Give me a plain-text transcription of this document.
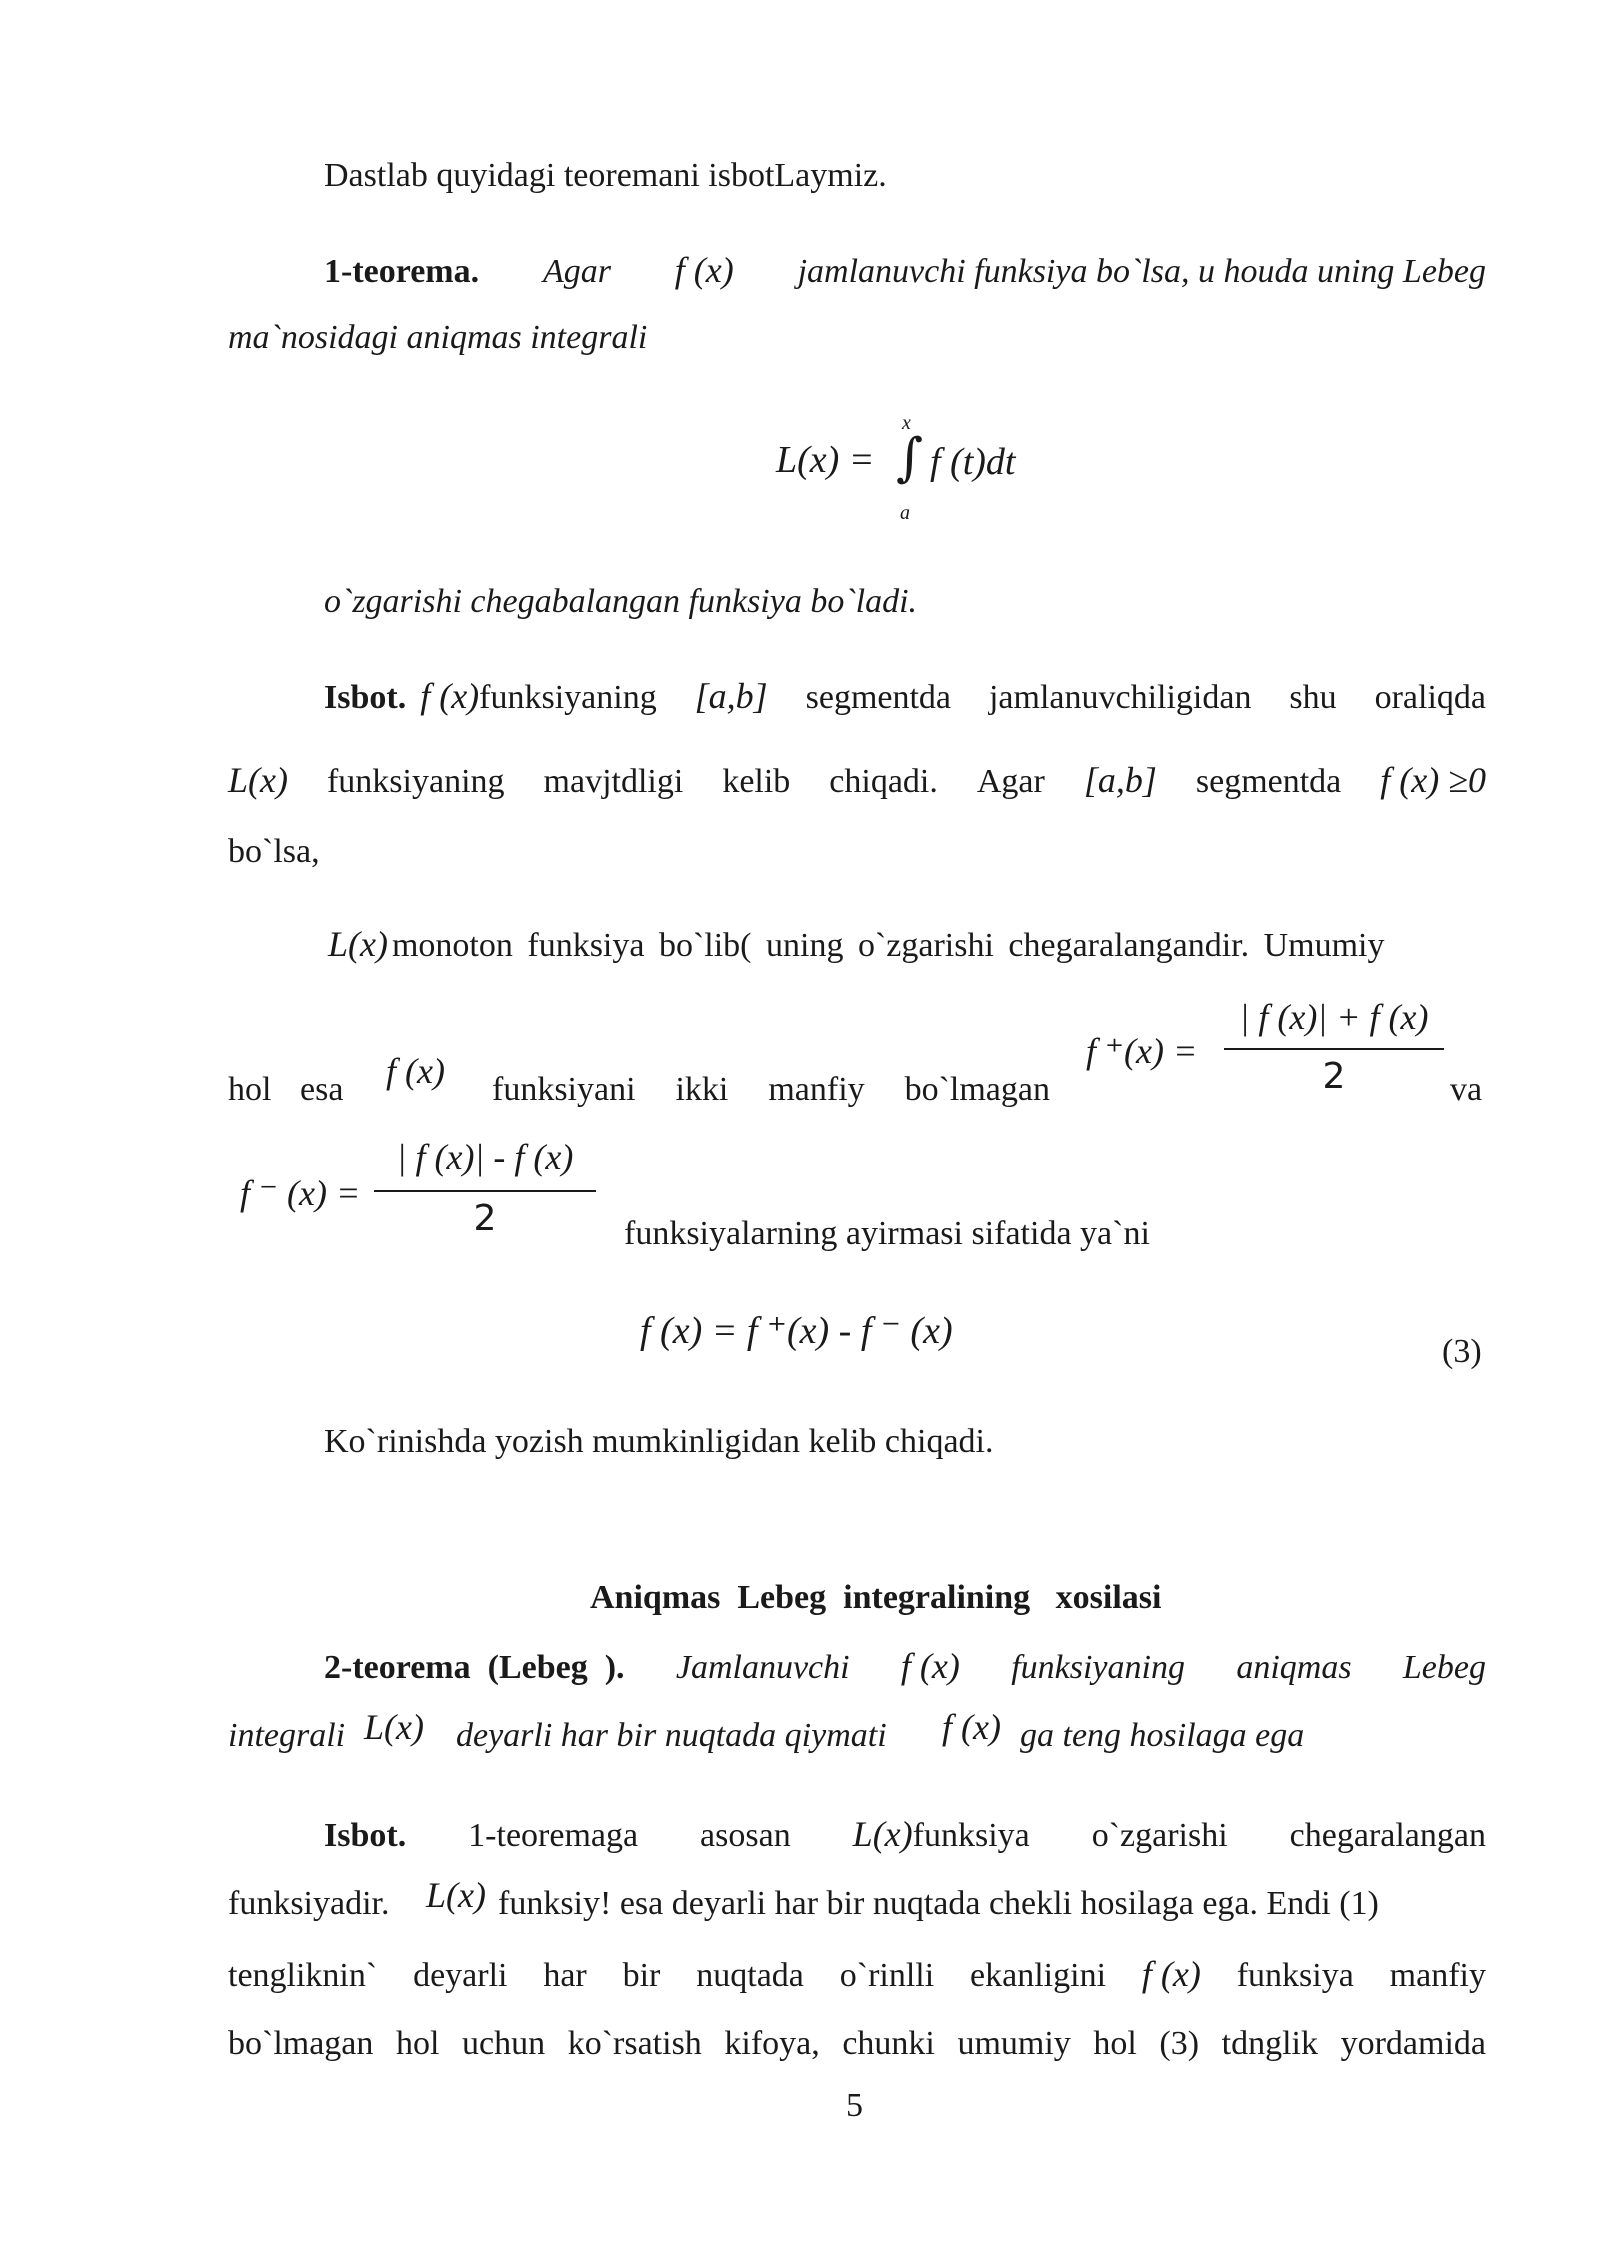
Dastlab quyidagi teoremani isbotLaymiz.
1-teorema. Agar f (x) jamlanuvchi funksiya bo`lsa, u houda uning Lebeg
ma`nosidagi aniqmas integrali
L(x) = ∫
x
a
f (t)dt
o`zgarishi chegabalangan funksiya bo`ladi.
Isbot. f (x)funksiyaning [a,b] segmentda jamlanuvchiligidan shu oraliqda
L(x) funksiyaning mavjtdligi kelib chiqadi. Agar [a,b] segmentda f (x) ≥0
bo`lsa,
L(x) monoton funksiya bo`lib( uning o`zgarishi chegaralangandir. Umumiy
f ⁺(x) =
| f (x)| + f (x)
2
hol esa f (x) funksiyani ikki manfiy bo`lmagan	va
f ⁻ (x) =
| f (x)| - f (x)
2	funksiyalarning ayirmasi sifatida ya`ni
f (x) = f ⁺(x) - f ⁻ (x)	(3)
Ko`rinishda yozish mumkinligidan kelib chiqadi.
Aniqmas  Lebeg  integralining   xosilasi
2-teorema  (Lebeg  ). Jamlanuvchi f (x) funksiyaning aniqmas Lebeg
integrali L(x) deyarli har bir nuqtada qiymati f (x) ga teng hosilaga ega
Isbot. 1-teoremaga asosan L(x)funksiya o`zgarishi chegaralangan
funksiyadir. L(x) funksiy! esa deyarli har bir nuqtada chekli hosilaga ega. Endi (1)
tengliknin` deyarli har bir nuqtada o`rinlli ekanligini f (x) funksiya manfiy
bo`lmagan hol uchun ko`rsatish kifoya, chunki umumiy hol (3) tdnglik yordamida
5
